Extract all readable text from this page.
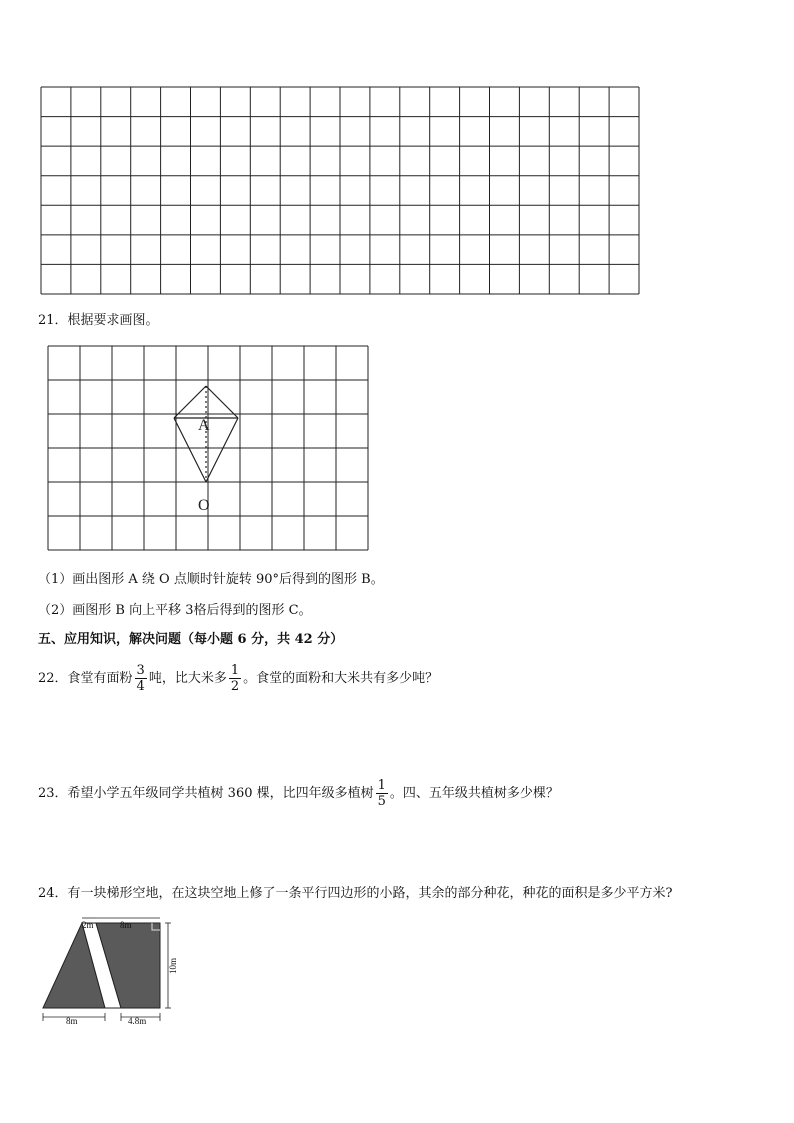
21．根据要求画图。
A
O
（1）画出图形 A 绕 O 点顺时针旋转 90°后得到的图形 B。
（2）画图形 B 向上平移 3格后得到的图形 C。
五、应用知识，解决问题（每小题 6 分，共 42 分）
22．食堂有面粉 $\frac{3}{4}$ 吨，比大米多 $\frac{1}{2}$ 。食堂的面粉和大米共有多少吨？
23．希望小学五年级同学共植树 360 棵，比四年级多植树 $\frac{1}{5}$ 。四、五年级共植树多少棵？
24．有一块梯形空地，在这块空地上修了一条平行四边形的小路，其余的部分种花，种花的面积是多少平方米?
2m	8m
10m
8m	4.8m
